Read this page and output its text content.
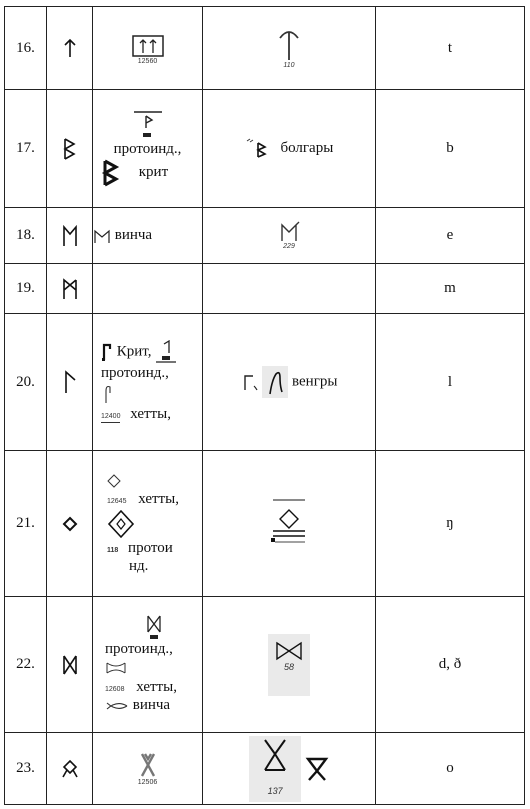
16.		12560	110	t
17.		протоинд.,
крит	болгары	b
18.		винча	229	e
19.				m
20.		Крит,
протоинд.,
12400 хетты,	венгры	l
21.		12645 хетты,
118 протои
нд.		ŋ
22.		протоинд.,
12608 хетты,
винча	58	d, ð
23.		12506	137	o
